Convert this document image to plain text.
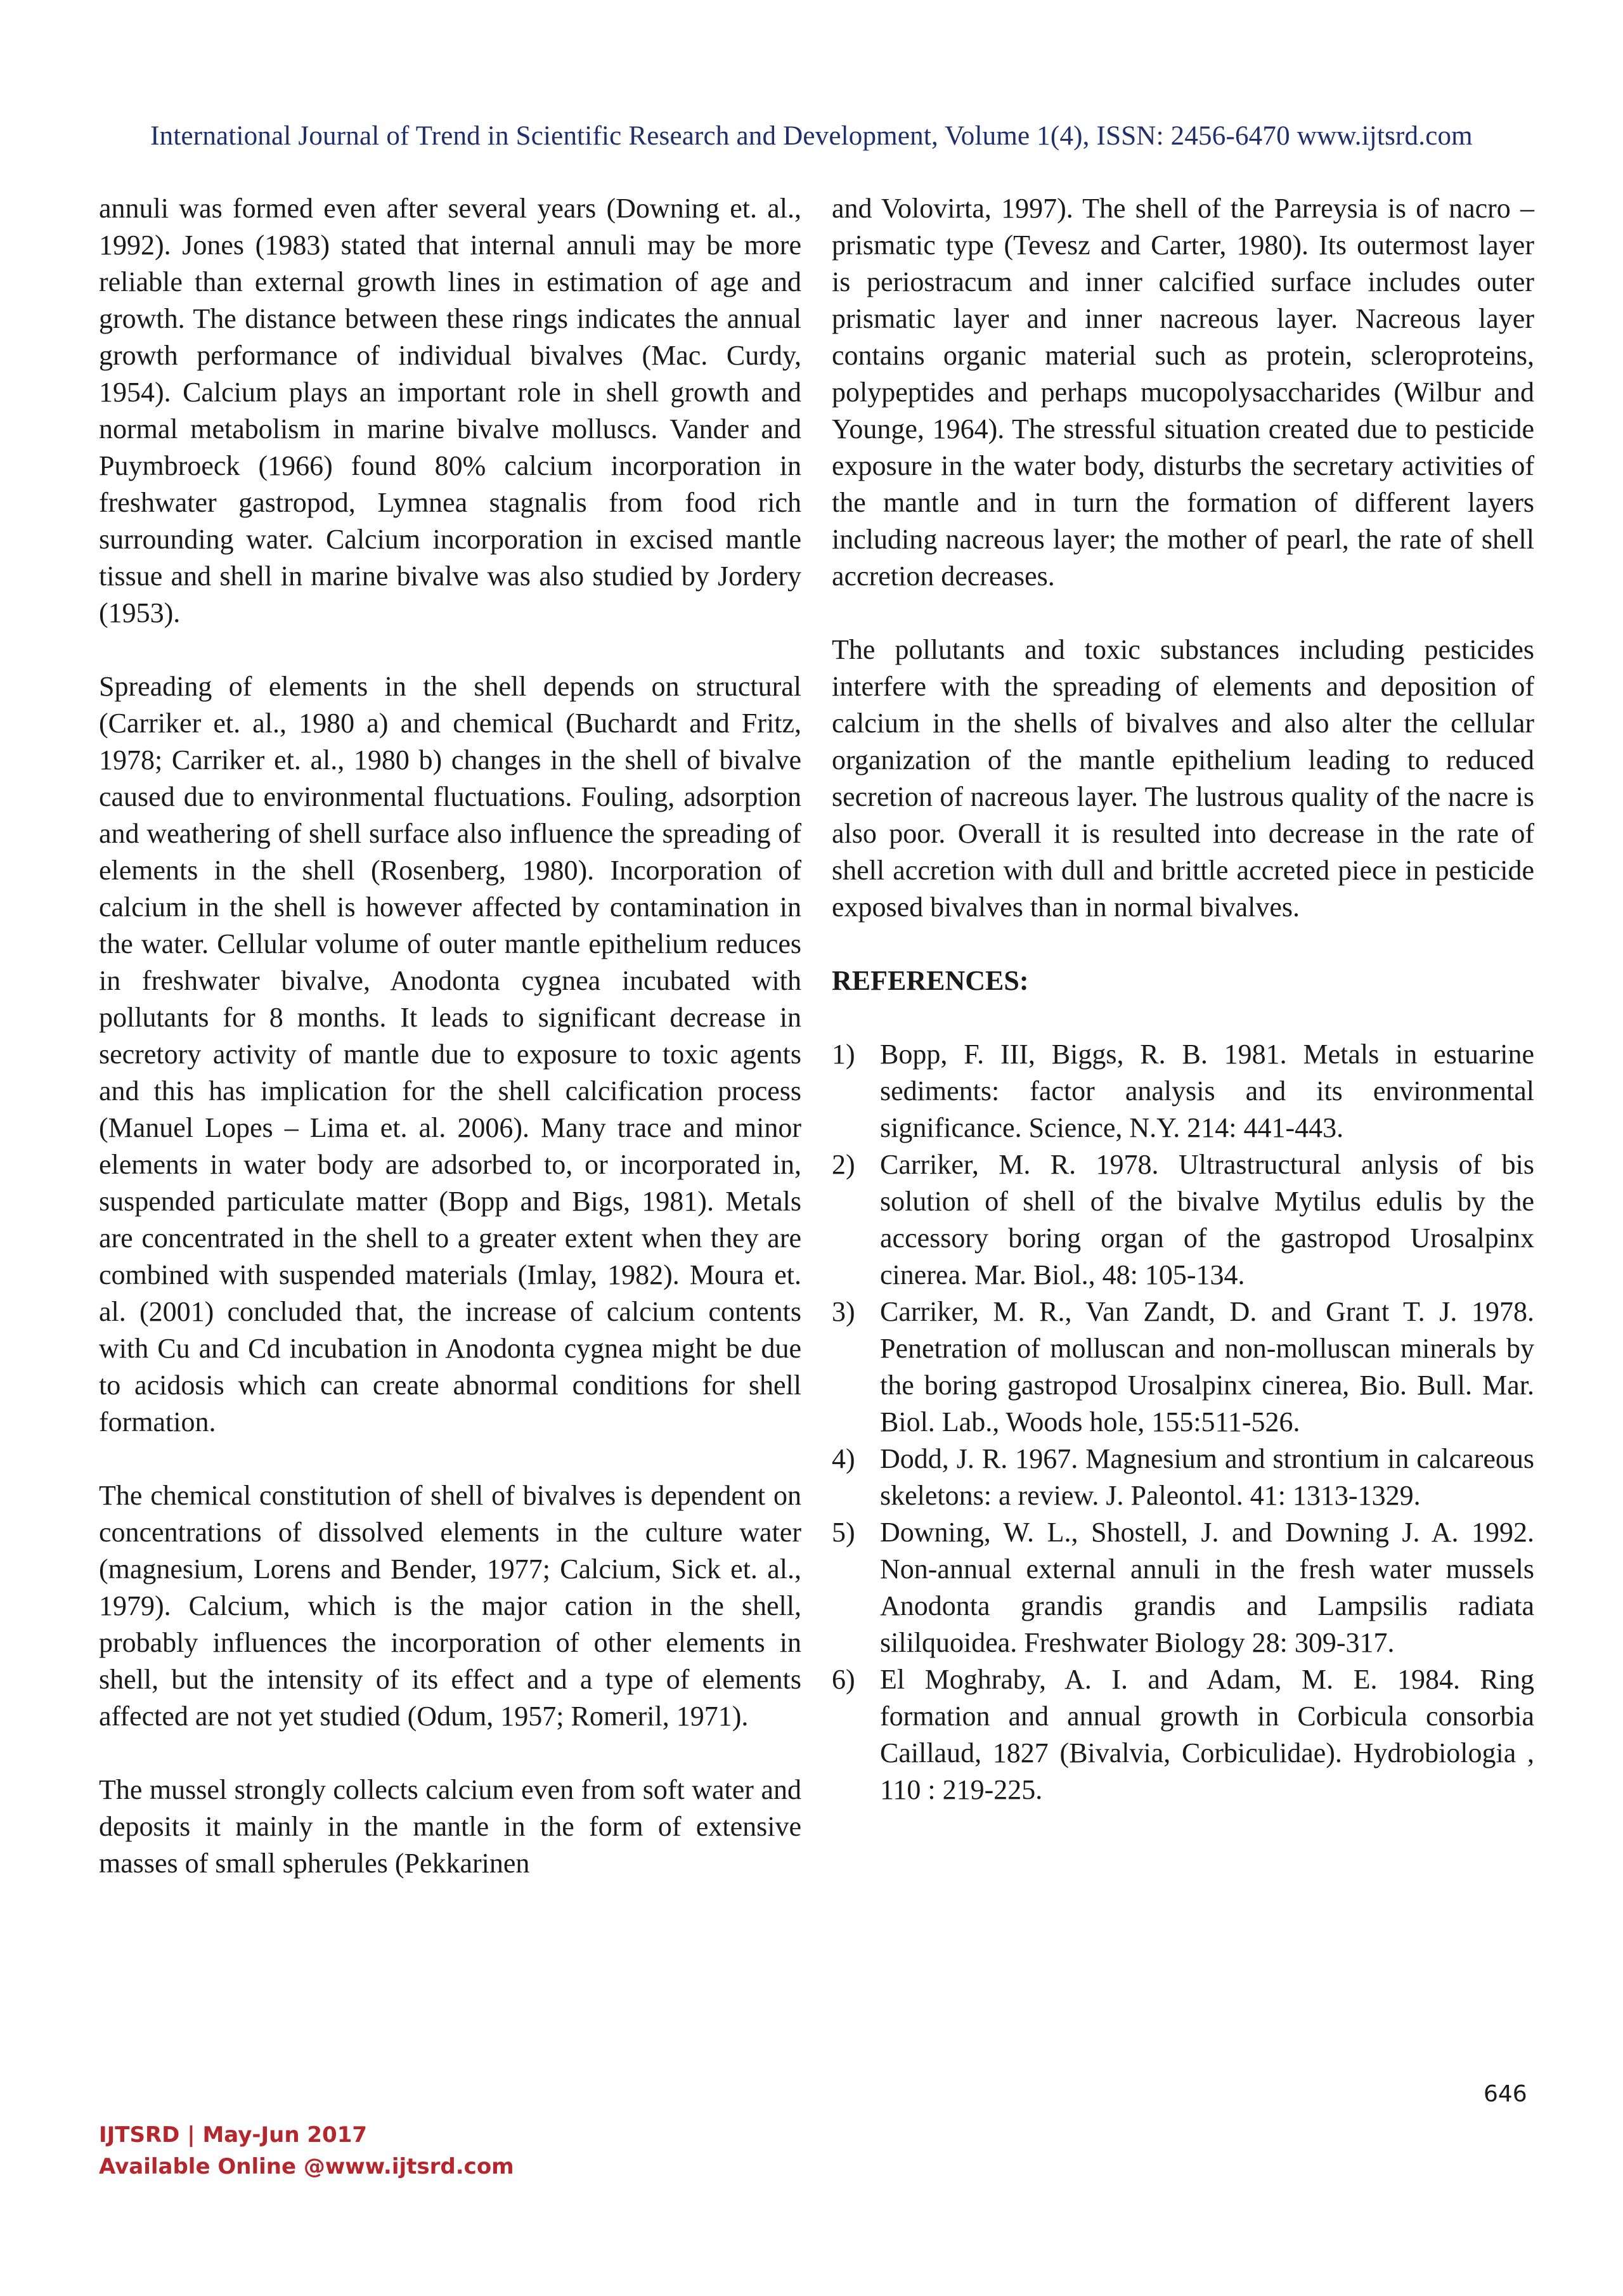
International Journal of Trend in Scientific Research and Development, Volume 1(4), ISSN: 2456-6470 www.ijtsrd.com

annuli was formed even after several years (Downing et. al., 1992). Jones (1983) stated that internal annuli may be more reliable than external growth lines in estimation of age and growth. The distance between these rings indicates the annual growth performance of individual bivalves (Mac. Curdy, 1954). Calcium plays an important role in shell growth and normal metabolism in marine bivalve molluscs. Vander and Puymbroeck (1966) found 80% calcium incorporation in freshwater gastropod, Lymnea stagnalis from food rich surrounding water. Calcium incorporation in excised mantle tissue and shell in marine bivalve was also studied by Jordery (1953).

Spreading of elements in the shell depends on structural (Carriker et. al., 1980 a) and chemical (Buchardt and Fritz, 1978; Carriker et. al., 1980 b) changes in the shell of bivalve caused due to environmental fluctuations. Fouling, adsorption and weathering of shell surface also influence the spreading of elements in the shell (Rosenberg, 1980). Incorporation of calcium in the shell is however affected by contamination in the water. Cellular volume of outer mantle epithelium reduces in freshwater bivalve, Anodonta cygnea incubated with pollutants for 8 months. It leads to significant decrease in secretory activity of mantle due to exposure to toxic agents and this has implication for the shell calcification process (Manuel Lopes – Lima et. al. 2006). Many trace and minor elements in water body are adsorbed to, or incorporated in, suspended particulate matter (Bopp and Bigs, 1981). Metals are concentrated in the shell to a greater extent when they are combined with suspended materials (Imlay, 1982). Moura et. al. (2001) concluded that, the increase of calcium contents with Cu and Cd incubation in Anodonta cygnea might be due to acidosis which can create abnormal conditions for shell formation.

The chemical constitution of shell of bivalves is dependent on concentrations of dissolved elements in the culture water (magnesium, Lorens and Bender, 1977; Calcium, Sick et. al., 1979). Calcium, which is the major cation in the shell, probably influences the incorporation of other elements in shell, but the intensity of its effect and a type of elements affected are not yet studied (Odum, 1957; Romeril, 1971).

The mussel strongly collects calcium even from soft water and deposits it mainly in the mantle in the form of extensive masses of small spherules (Pekkarinen

and Volovirta, 1997). The shell of the Parreysia is of nacro – prismatic type (Tevesz and Carter, 1980). Its outermost layer is periostracum and inner calcified surface includes outer prismatic layer and inner nacreous layer. Nacreous layer contains organic material such as protein, scleroproteins, polypeptides and perhaps mucopolysaccharides (Wilbur and Younge, 1964). The stressful situation created due to pesticide exposure in the water body, disturbs the secretary activities of the mantle and in turn the formation of different layers including nacreous layer; the mother of pearl, the rate of shell accretion decreases.

The pollutants and toxic substances including pesticides interfere with the spreading of elements and deposition of calcium in the shells of bivalves and also alter the cellular organization of the mantle epithelium leading to reduced secretion of nacreous layer. The lustrous quality of the nacre is also poor. Overall it is resulted into decrease in the rate of shell accretion with dull and brittle accreted piece in pesticide exposed bivalves than in normal bivalves.

REFERENCES:
1) Bopp, F. III, Biggs, R. B. 1981. Metals in estuarine sediments: factor analysis and its environmental significance. Science, N.Y. 214: 441-443.
2) Carriker, M. R. 1978. Ultrastructural anlysis of bis solution of shell of the bivalve Mytilus edulis by the accessory boring organ of the gastropod Urosalpinx cinerea. Mar. Biol., 48: 105-134.
3) Carriker, M. R., Van Zandt, D. and Grant T. J. 1978. Penetration of molluscan and non-molluscan minerals by the boring gastropod Urosalpinx cinerea, Bio. Bull. Mar. Biol. Lab., Woods hole, 155:511-526.
4) Dodd, J. R. 1967. Magnesium and strontium in calcareous skeletons: a review. J. Paleontol. 41: 1313-1329.
5) Downing, W. L., Shostell, J. and Downing J. A. 1992. Non-annual external annuli in the fresh water mussels Anodonta grandis grandis and Lampsilis radiata sililquoidea. Freshwater Biology 28: 309-317.
6) El Moghraby, A. I. and Adam, M. E. 1984. Ring formation and annual growth in Corbicula consorbia Caillaud, 1827 (Bivalvia, Corbiculidae). Hydrobiologia , 110 : 219-225.
646
IJTSRD | May-Jun 2017
Available Online @www.ijtsrd.com
